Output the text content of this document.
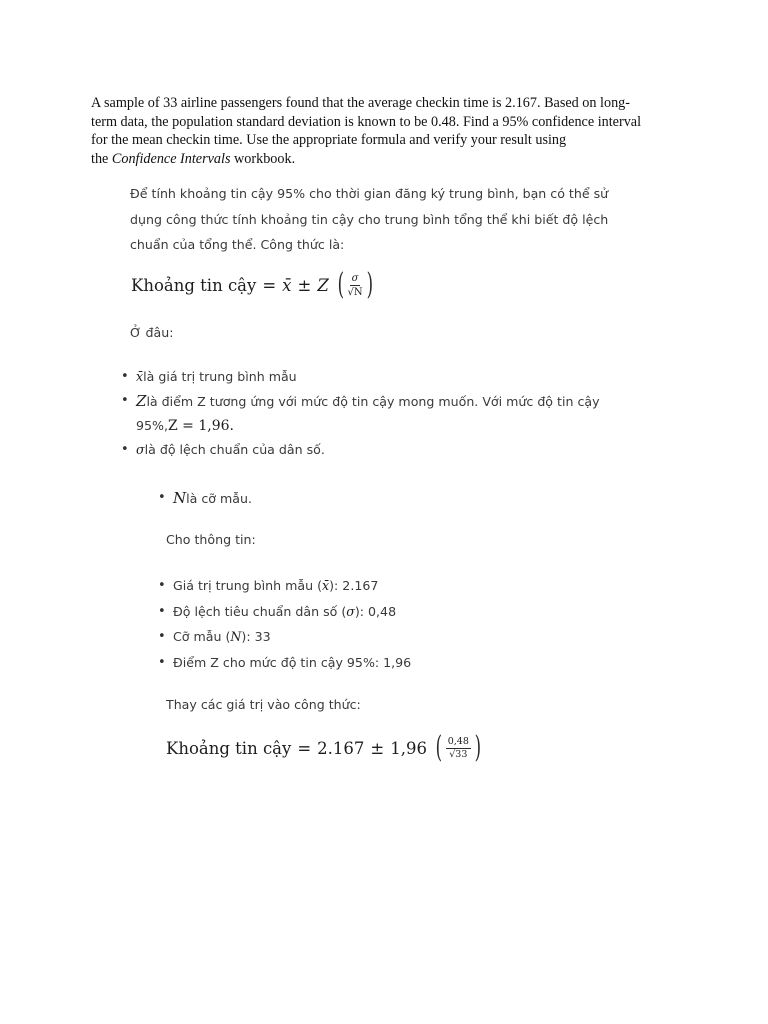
A sample of 33 airline passengers found that the average checkin time is 2.167. Based on long-
term data, the population standard deviation is known to be 0.48. Find a 95% confidence interval
for the mean checkin time. Use the appropriate formula and verify your result using
the Confidence Intervals workbook.
Để tính khoảng tin cậy 95% cho thời gian đăng ký trung bình, bạn có thể sử
dụng công thức tính khoảng tin cậy cho trung bình tổng thể khi biết độ lệch
chuẩn của tổng thể. Công thức là:
Khoảng tin cậy = x̄ ± Z ( $\frac{\sigma}{√N}$ )
Ở đâu:
• x̄là giá trị trung bình mẫu
• Zlà điểm Z tương ứng với mức độ tin cậy mong muốn. Với mức độ tin cậy
95%,Z = 1,96.
• σlà độ lệch chuẩn của dân số.
• Nlà cỡ mẫu.
Cho thông tin:
• Giá trị trung bình mẫu (x̄): 2.167
• Độ lệch tiêu chuẩn dân số (σ): 0,48
• Cỡ mẫu (N): 33
• Điểm Z cho mức độ tin cậy 95%: 1,96
Thay các giá trị vào công thức:
Khoảng tin cậy = 2.167 ± 1,96 ( $\frac{0,48}{√33}$ )
